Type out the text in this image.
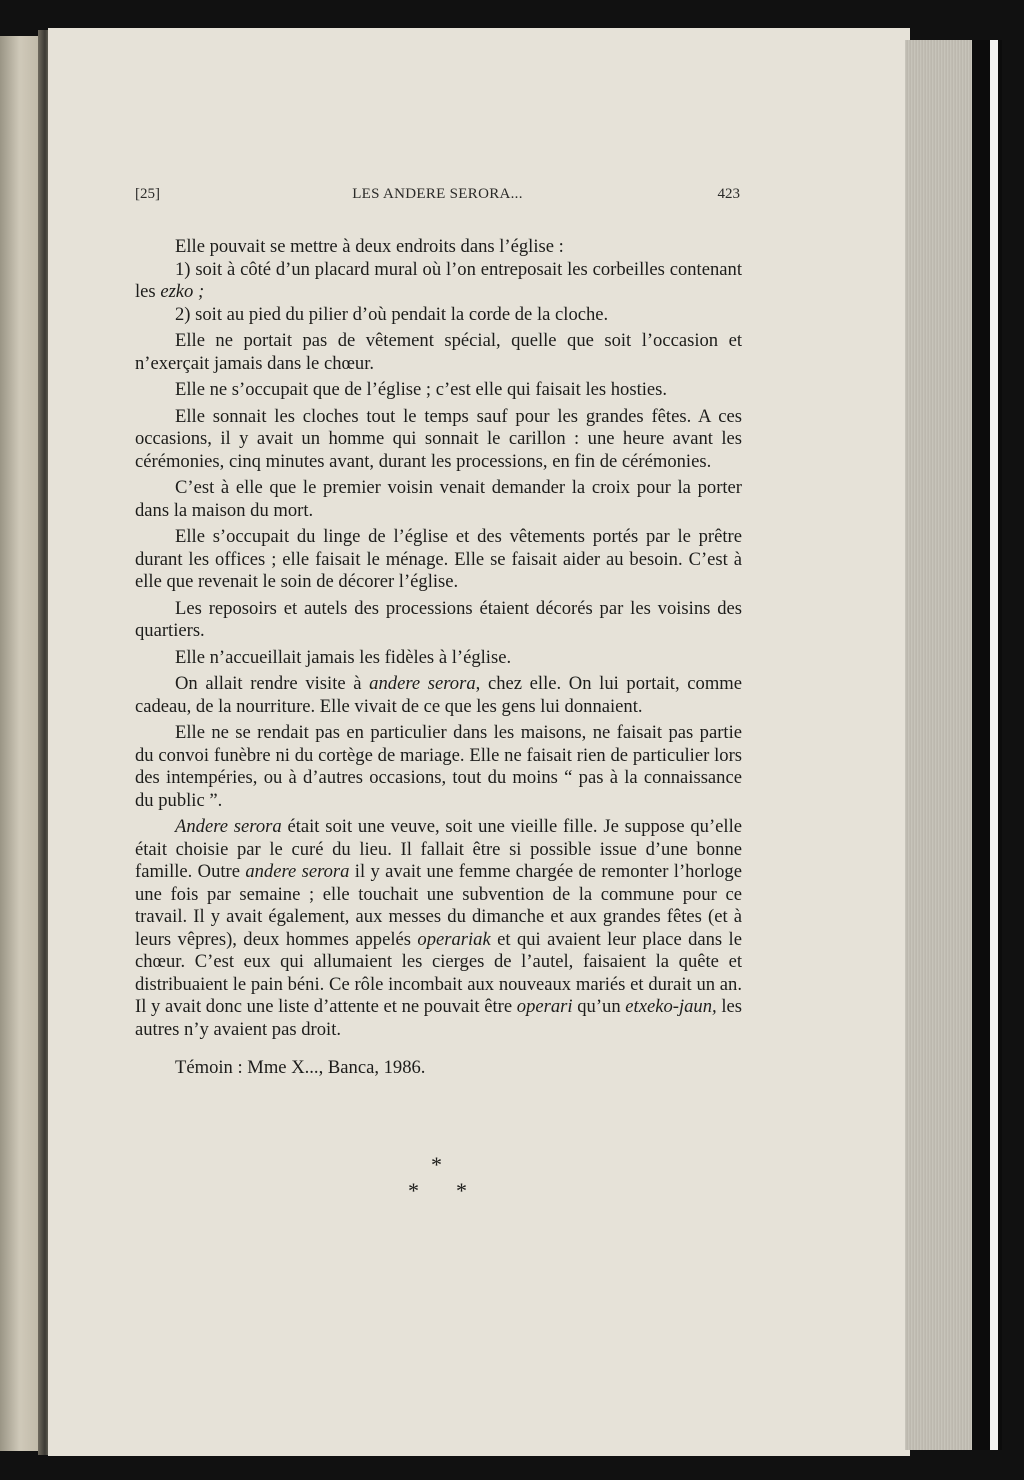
[25]	LES ANDERE SERORA...	423

Elle pouvait se mettre à deux endroits dans l’église :

1) soit à côté d’un placard mural où l’on entreposait les corbeilles contenant les ezko ;

2) soit au pied du pilier d’où pendait la corde de la cloche.

Elle ne portait pas de vêtement spécial, quelle que soit l’occasion et n’exerçait jamais dans le chœur.

Elle ne s’occupait que de l’église ; c’est elle qui faisait les hosties.

Elle sonnait les cloches tout le temps sauf pour les grandes fêtes. A ces occasions, il y avait un homme qui sonnait le carillon : une heure avant les cérémonies, cinq minutes avant, durant les processions, en fin de cérémonies.

C’est à elle que le premier voisin venait demander la croix pour la porter dans la maison du mort.

Elle s’occupait du linge de l’église et des vêtements portés par le prêtre durant les offices ; elle faisait le ménage. Elle se faisait aider au besoin. C’est à elle que revenait le soin de décorer l’église.

Les reposoirs et autels des processions étaient décorés par les voisins des quartiers.

Elle n’accueillait jamais les fidèles à l’église.

On allait rendre visite à andere serora, chez elle. On lui portait, comme cadeau, de la nourriture. Elle vivait de ce que les gens lui donnaient.

Elle ne se rendait pas en particulier dans les maisons, ne faisait pas partie du convoi funèbre ni du cortège de mariage. Elle ne faisait rien de particulier lors des intempéries, ou à d’autres occasions, tout du moins “ pas à la connaissance du public ”.

Andere serora était soit une veuve, soit une vieille fille. Je suppose qu’elle était choisie par le curé du lieu. Il fallait être si possible issue d’une bonne famille. Outre andere serora il y avait une femme chargée de remonter l’horloge une fois par semaine ; elle touchait une subvention de la commune pour ce travail. Il y avait également, aux messes du dimanche et aux grandes fêtes (et à leurs vêpres), deux hommes appelés operariak et qui avaient leur place dans le chœur. C’est eux qui allumaient les cierges de l’autel, faisaient la quête et distribuaient le pain béni. Ce rôle incombait aux nouveaux mariés et durait un an. Il y avait donc une liste d’attente et ne pouvait être operari qu’un etxeko-jaun, les autres n’y avaient pas droit.

Témoin : Mme X..., Banca, 1986.

*
* *
